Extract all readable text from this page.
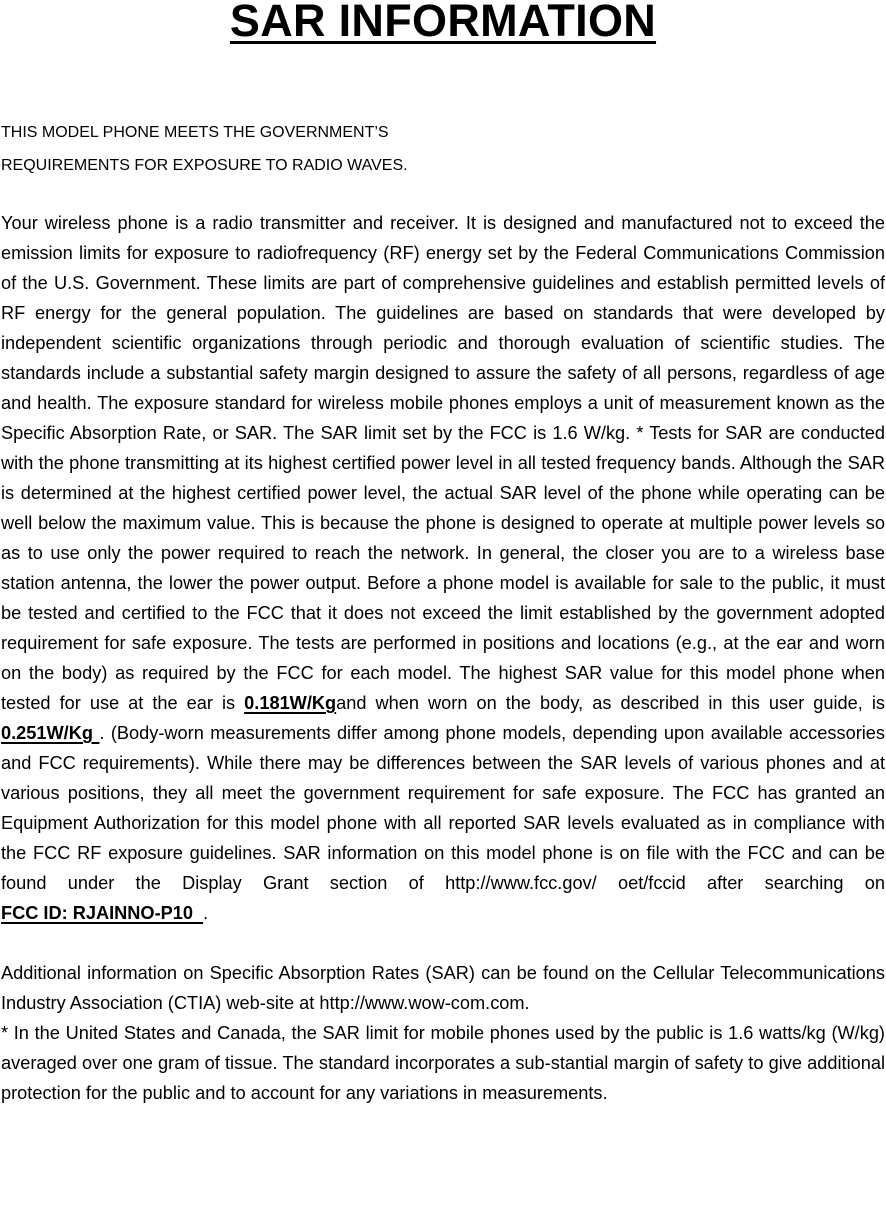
SAR INFORMATION
THIS MODEL PHONE MEETS THE GOVERNMENT’S
REQUIREMENTS FOR EXPOSURE TO RADIO WAVES.

Your wireless phone is a radio transmitter and receiver. It is designed and manufactured not to exceed the emission limits for exposure to radiofrequency (RF) energy set by the Federal Communications Commission of the U.S. Government. These limits are part of comprehensive guidelines and establish permitted levels of RF energy for the general population. The guidelines are based on standards that were developed by independent scientific organizations through periodic and thorough evaluation of scientific studies. The standards include a substantial safety margin designed to assure the safety of all persons, regardless of age and health. The exposure standard for wireless mobile phones employs a unit of measurement known as the Specific Absorption Rate, or SAR. The SAR limit set by the FCC is 1.6 W/kg. * Tests for SAR are conducted with the phone transmitting at its highest certified power level in all tested frequency bands. Although the SAR is determined at the highest certified power level, the actual SAR level of the phone while operating can be well below the maximum value. This is because the phone is designed to operate at multiple power levels so as to use only the power required to reach the network. In general, the closer you are to a wireless base station antenna, the lower the power output. Before a phone model is available for sale to the public, it must be tested and certified to the FCC that it does not exceed the limit established by the government adopted requirement for safe exposure. The tests are performed in positions and locations (e.g., at the ear and worn on the body) as required by the FCC for each model. The highest SAR value for this model phone when tested for use at the ear is 0.181W/Kgand when worn on the body, as described in this user guide, is 0.251W/Kg . (Body-worn measurements differ among phone models, depending upon available accessories and FCC requirements). While there may be differences between the SAR levels of various phones and at various positions, they all meet the government requirement for safe exposure. The FCC has granted an Equipment Authorization for this model phone with all reported SAR levels evaluated as in compliance with the FCC RF exposure guidelines. SAR information on this model phone is on file with the FCC and can be found under the Display Grant section of http://www.fcc.gov/ oet/fccid after searching on FCC ID: RJAINNO-P10  .

Additional information on Specific Absorption Rates (SAR) can be found on the Cellular Telecommunications Industry Association (CTIA) web-site at http://www.wow-com.com.

* In the United States and Canada, the SAR limit for mobile phones used by the public is 1.6 watts/kg (W/kg) averaged over one gram of tissue. The standard incorporates a sub-stantial margin of safety to give additional protection for the public and to account for any variations in measurements.
